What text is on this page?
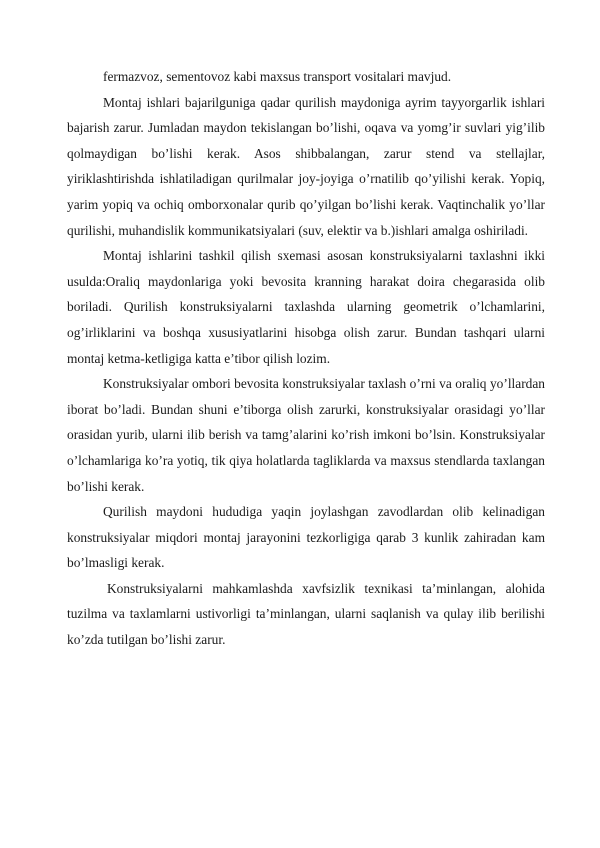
fermazvoz, sementovoz kabi maxsus transport vositalari mavjud.

Montaj ishlari bajarilguniga qadar qurilish maydoniga ayrim tayyorgarlik ishlari bajarish zarur. Jumladan maydon tekislangan bo’lishi, oqava va yomg’ir suvlari yig’ilib qolmaydigan bo’lishi kerak. Asos shibbalangan, zarur stend va stellajlar, yiriklashtirishda ishlatiladigan qurilmalar joy-joyiga o’rnatilib qo’yilishi kerak. Yopiq, yarim yopiq va ochiq omborxonalar qurib qo’yilgan bo’lishi kerak. Vaqtinchalik yo’llar qurilishi, muhandislik kommunikatsiyalari (suv, elektir va b.)ishlari amalga oshiriladi.

Montaj ishlarini tashkil qilish sxemasi asosan konstruksiyalarni taxlashni ikki usulda:Oraliq maydonlariga yoki bevosita kranning harakat doira chegarasida olib boriladi. Qurilish konstruksiyalarni taxlashda ularning geometrik o’lchamlarini, og’irliklarini va boshqa xususiyatlarini hisobga olish zarur. Bundan tashqari ularni montaj ketma-ketligiga katta e’tibor qilish lozim.

Konstruksiyalar ombori bevosita konstruksiyalar taxlash o’rni va oraliq yo’llardan iborat bo’ladi. Bundan shuni e’tiborga olish zarurki, konstruksiyalar orasidagi yo’llar orasidan yurib, ularni ilib berish va tamg’alarini ko’rish imkoni bo’lsin. Konstruksiyalar o’lchamlariga ko’ra yotiq, tik qiya holatlarda tagliklarda va maxsus stendlarda taxlangan bo’lishi kerak.

Qurilish maydoni hududiga yaqin joylashgan zavodlardan olib kelinadigan konstruksiyalar miqdori montaj jarayonini tezkorligiga qarab 3 kunlik zahiradan kam bo’lmasligi kerak.

Konstruksiyalarni mahkamlashda xavfsizlik texnikasi ta’minlangan, alohida tuzilma va taxlamlarni ustivorligi ta’minlangan, ularni saqlanish va qulay ilib berilishi ko’zda tutilgan bo’lishi zarur.
